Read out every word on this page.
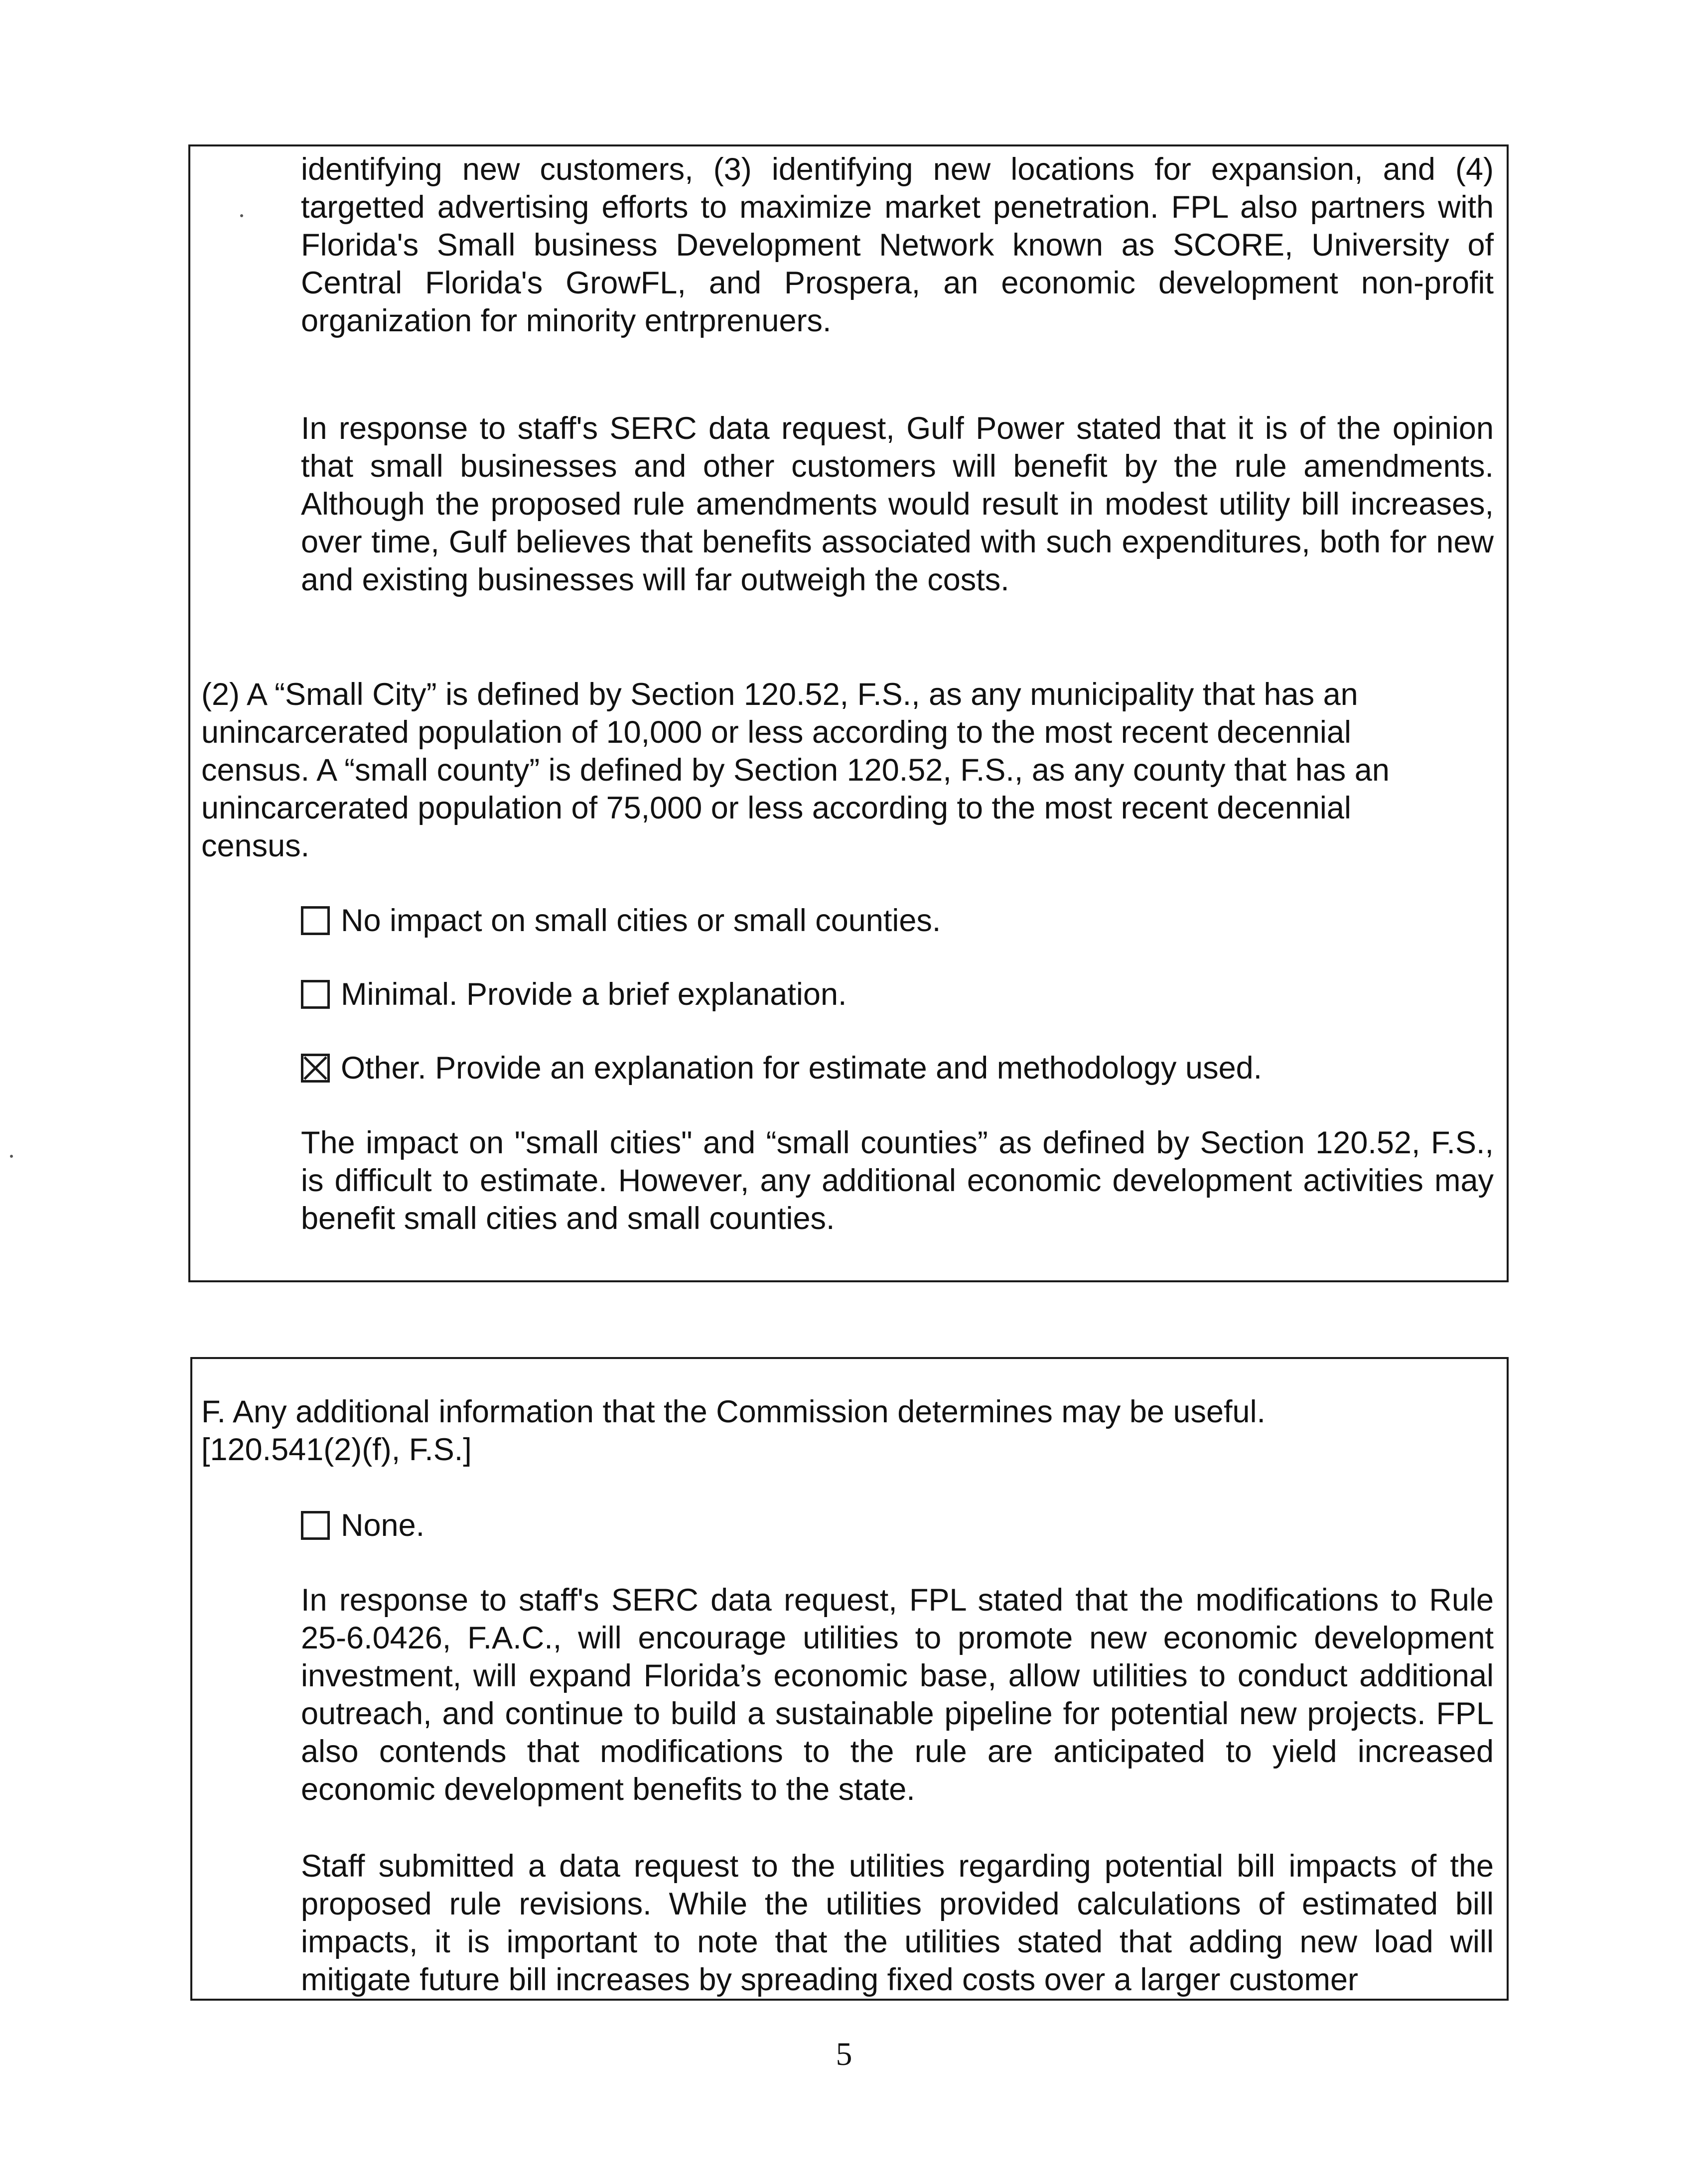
identifying new customers, (3) identifying new locations for expansion, and (4) targetted advertising efforts to maximize market penetration. FPL also partners with Florida's Small business Development Network known as SCORE, University of Central Florida's GrowFL, and Prospera, an economic development non-profit organization for minority entrprenuers.

In response to staff's SERC data request, Gulf Power stated that it is of the opinion that small businesses and other customers will benefit by the rule amendments. Although the proposed rule amendments would result in modest utility bill increases, over time, Gulf believes that benefits associated with such expenditures, both for new and existing businesses will far outweigh the costs.

(2) A “Small City” is defined by Section 120.52, F.S., as any municipality that has an unincarcerated population of 10,000 or less according to the most recent decennial census. A “small county” is defined by Section 120.52, F.S., as any county that has an unincarcerated population of 75,000 or less according to the most recent decennial census.

No impact on small cities or small counties.
Minimal. Provide a brief explanation.
Other. Provide an explanation for estimate and methodology used.

The impact on "small cities" and “small counties” as defined by Section 120.52, F.S., is difficult to estimate. However, any additional economic development activities may benefit small cities and small counties.

F. Any additional information that the Commission determines may be useful. [120.541(2)(f), F.S.]

None.

In response to staff's SERC data request, FPL stated that the modifications to Rule 25-6.0426, F.A.C., will encourage utilities to promote new economic development investment, will expand Florida’s economic base, allow utilities to conduct additional outreach, and continue to build a sustainable pipeline for potential new projects. FPL also contends that modifications to the rule are anticipated to yield increased economic development benefits to the state.

Staff submitted a data request to the utilities regarding potential bill impacts of the proposed rule revisions. While the utilities provided calculations of estimated bill impacts, it is important to note that the utilities stated that adding new load will mitigate future bill increases by spreading fixed costs over a larger customer

5
